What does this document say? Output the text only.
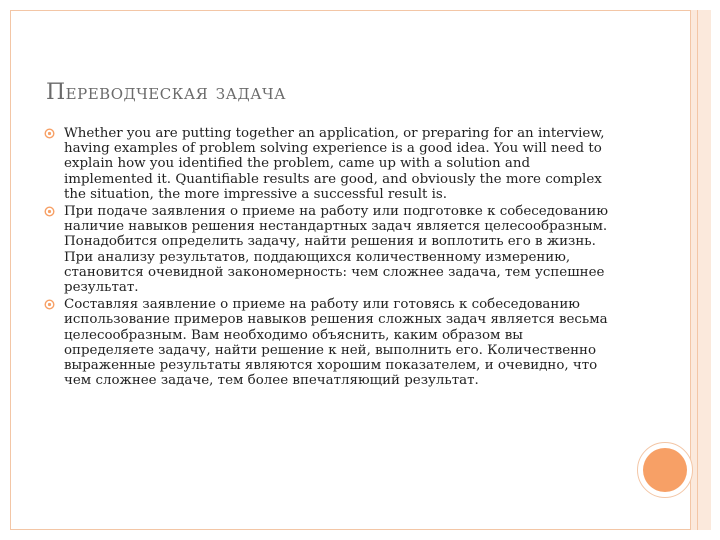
Переводческая задача
Whether you are putting together an application, or preparing for an interview, having examples of problem solving experience is a good idea. You will need to explain how you identified the problem, came up with a solution and implemented it. Quantifiable results are good, and obviously the more complex the situation, the more impressive a successful result is.
При подаче заявления о приеме на работу или подготовке к собеседованию наличие навыков решения нестандартных задач является целесообразным. Понадобится определить задачу, найти решения и воплотить его в жизнь. При анализу результатов, поддающихся количественному измерению, становится очевидной закономерность: чем сложнее задача, тем успешнее результат.
Составляя заявление о приеме на работу или готовясь к собеседованию использование примеров навыков решения сложных задач является весьма целесообразным. Вам необходимо объяснить, каким образом вы определяете задачу, найти решение к ней, выполнить его. Количественно выраженные результаты являются хорошим показателем, и очевидно, что чем сложнее задаче, тем более впечатляющий результат.
